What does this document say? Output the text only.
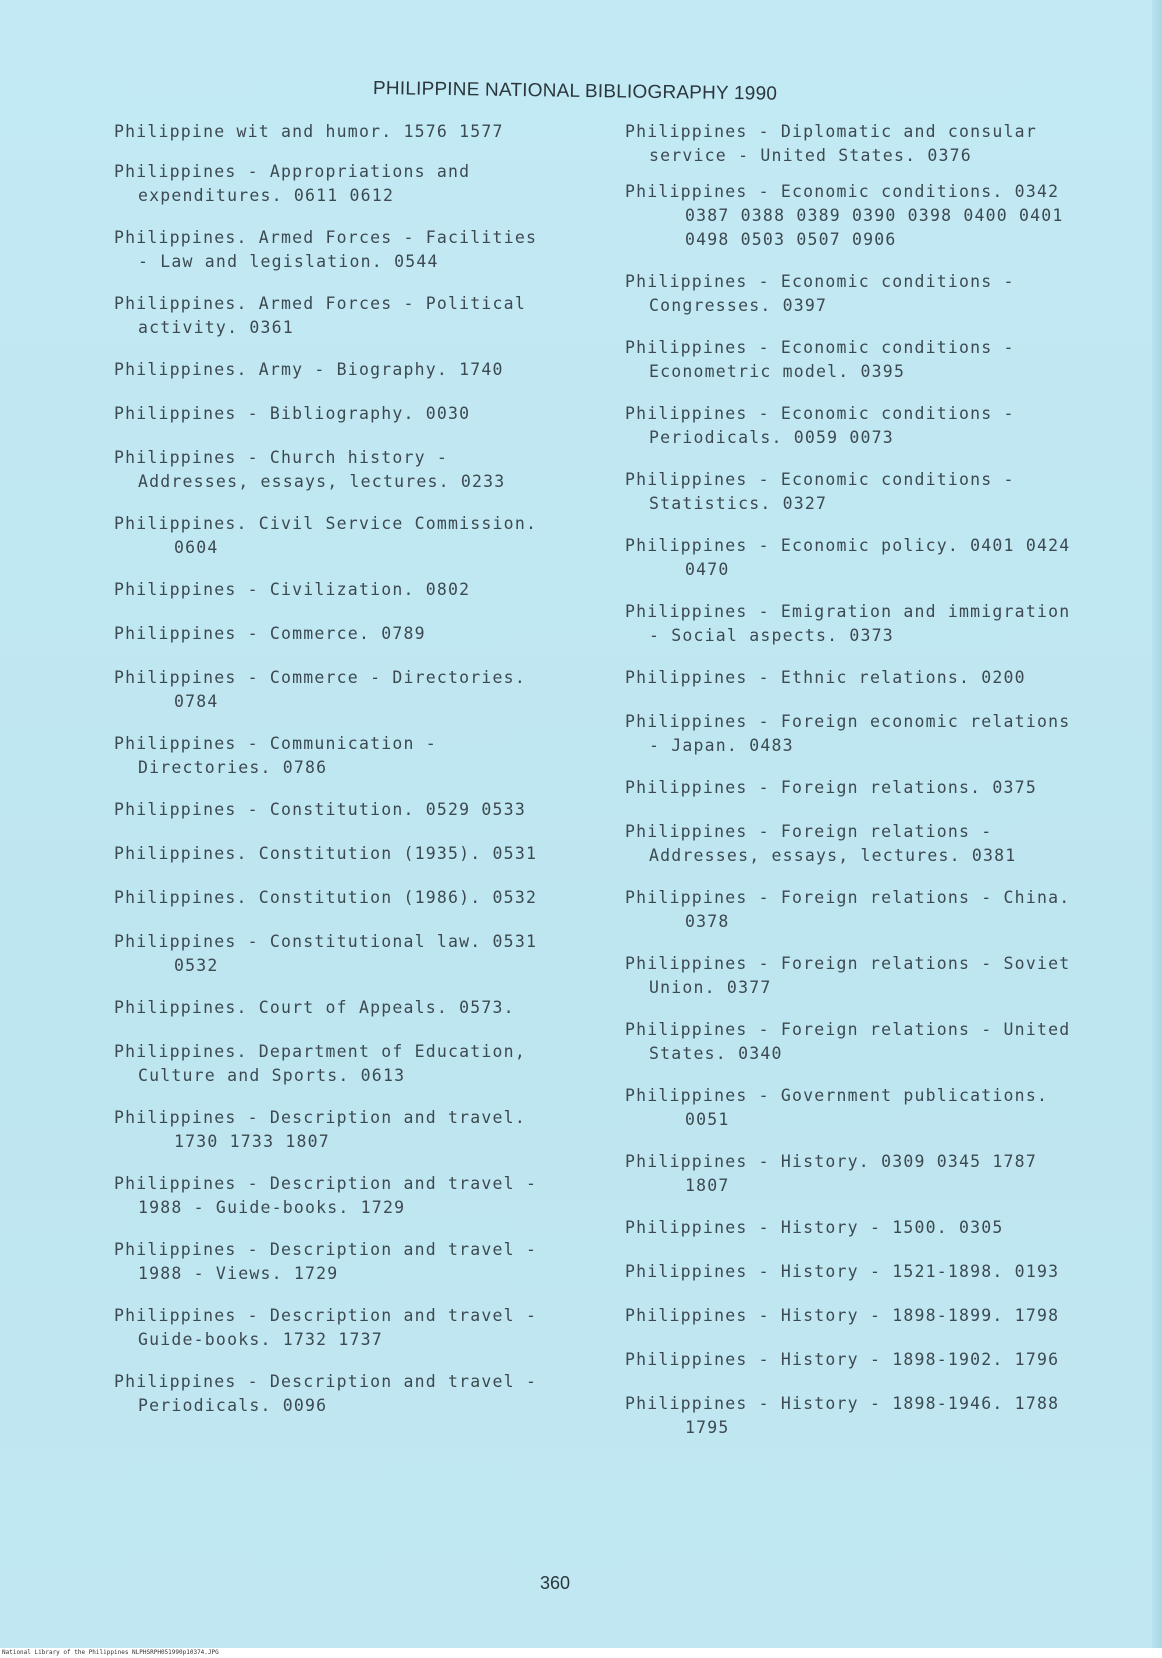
PHILIPPINE NATIONAL BIBLIOGRAPHY 1990
Philippine wit and humor. 1576 1577
Philippines - Appropriations and
expenditures. 0611 0612
Philippines. Armed Forces - Facilities
- Law and legislation. 0544
Philippines. Armed Forces - Political
activity. 0361
Philippines. Army - Biography. 1740
Philippines - Bibliography. 0030
Philippines - Church history -
Addresses, essays, lectures. 0233
Philippines. Civil Service Commission.
0604
Philippines - Civilization. 0802
Philippines - Commerce. 0789
Philippines - Commerce - Directories.
0784
Philippines - Communication -
Directories. 0786
Philippines - Constitution. 0529 0533
Philippines. Constitution (1935). 0531
Philippines. Constitution (1986). 0532
Philippines - Constitutional law. 0531
0532
Philippines. Court of Appeals. 0573.
Philippines. Department of Education,
Culture and Sports. 0613
Philippines - Description and travel.
1730 1733 1807
Philippines - Description and travel -
1988 - Guide-books. 1729
Philippines - Description and travel -
1988 - Views. 1729
Philippines - Description and travel -
Guide-books. 1732 1737
Philippines - Description and travel -
Periodicals. 0096
Philippines - Diplomatic and consular
service - United States. 0376
Philippines - Economic conditions. 0342
0387 0388 0389 0390 0398 0400 0401
0498 0503 0507 0906
Philippines - Economic conditions -
Congresses. 0397
Philippines - Economic conditions -
Econometric model. 0395
Philippines - Economic conditions -
Periodicals. 0059 0073
Philippines - Economic conditions -
Statistics. 0327
Philippines - Economic policy. 0401 0424
0470
Philippines - Emigration and immigration
- Social aspects. 0373
Philippines - Ethnic relations. 0200
Philippines - Foreign economic relations
- Japan. 0483
Philippines - Foreign relations. 0375
Philippines - Foreign relations -
Addresses, essays, lectures. 0381
Philippines - Foreign relations - China.
0378
Philippines - Foreign relations - Soviet
Union. 0377
Philippines - Foreign relations - United
States. 0340
Philippines - Government publications.
0051
Philippines - History. 0309 0345 1787
1807
Philippines - History - 1500. 0305
Philippines - History - 1521-1898. 0193
Philippines - History - 1898-1899. 1798
Philippines - History - 1898-1902. 1796
Philippines - History - 1898-1946. 1788
1795
360
National Library of the Philippines NLPHSRPH051990p10374.JPG
